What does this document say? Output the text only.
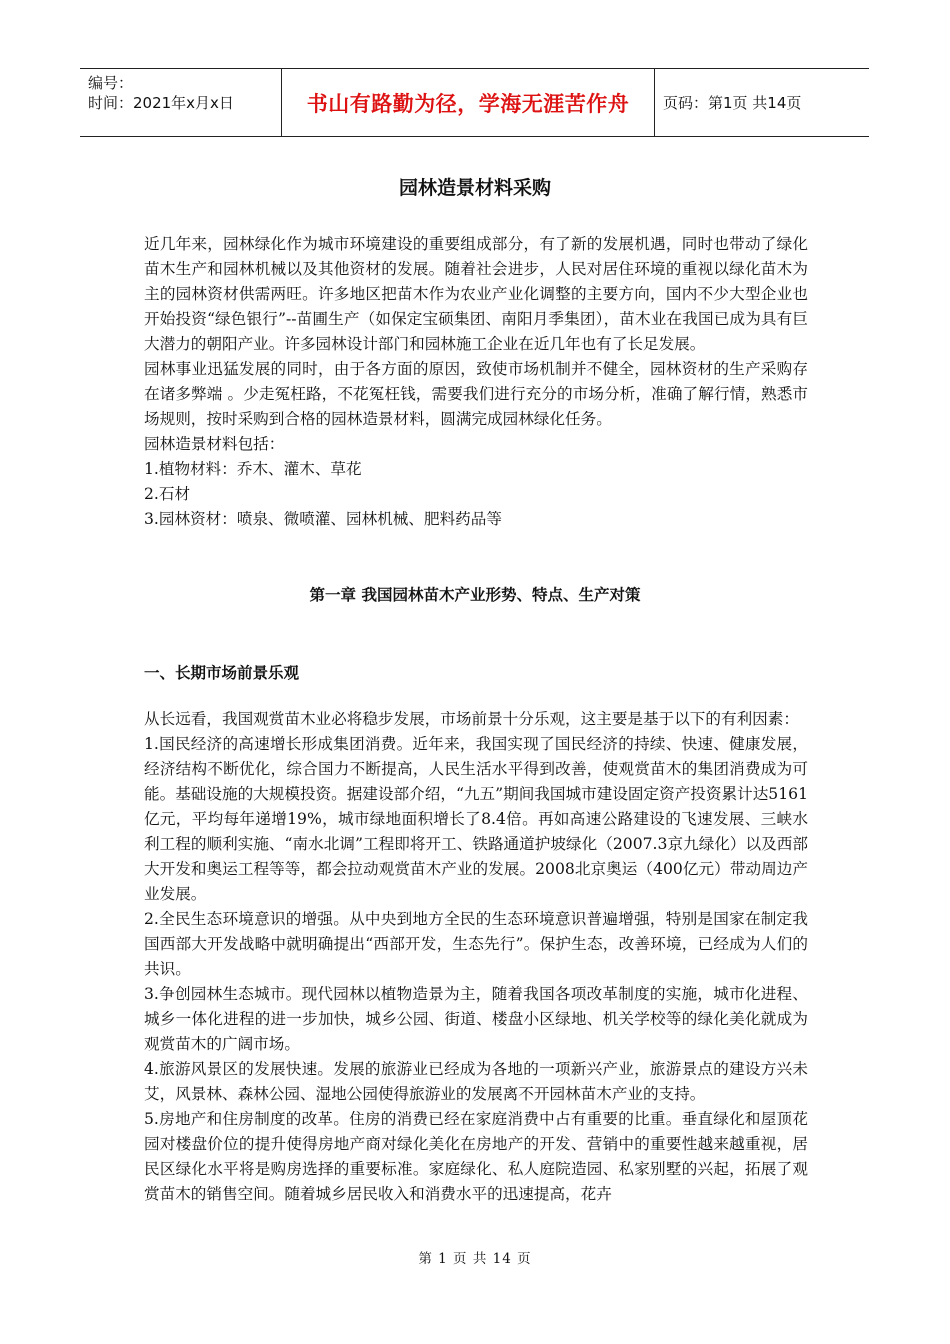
编号：
时间：2021年x月x日	书山有路勤为径，学海无涯苦作舟	页码：第1页 共14页
园林造景材料采购

近几年来，园林绿化作为城市环境建设的重要组成部分，有了新的发展机遇，同时也带动了绿化苗木生产和园林机械以及其他资材的发展。随着社会进步，人民对居住环境的重视以绿化苗木为主的园林资材供需两旺。许多地区把苗木作为农业产业化调整的主要方向，国内不少大型企业也开始投资“绿色银行”--苗圃生产（如保定宝硕集团、南阳月季集团），苗木业在我国已成为具有巨大潜力的朝阳产业。许多园林设计部门和园林施工企业在近几年也有了长足发展。

园林事业迅猛发展的同时，由于各方面的原因，致使市场机制并不健全，园林资材的生产采购存在诸多弊端 。少走冤枉路，不花冤枉钱，需要我们进行充分的市场分析，准确了解行情，熟悉市场规则，按时采购到合格的园林造景材料，圆满完成园林绿化任务。

园林造景材料包括：

1.植物材料：乔木、灌木、草花

2.石材

3.园林资材：喷泉、微喷灌、园林机械、肥料药品等

第一章 我国园林苗木产业形势、特点、生产对策
一、长期市场前景乐观

从长远看，我国观赏苗木业必将稳步发展，市场前景十分乐观，这主要是基于以下的有利因素：

1.国民经济的高速增长形成集团消费。近年来，我国实现了国民经济的持续、快速、健康发展，经济结构不断优化，综合国力不断提高，人民生活水平得到改善，使观赏苗木的集团消费成为可能。基础设施的大规模投资。据建设部介绍，“九五”期间我国城市建设固定资产投资累计达5161亿元，平均每年递增19%，城市绿地面积增长了8.4倍。再如高速公路建设的飞速发展、三峡水利工程的顺利实施、“南水北调”工程即将开工、铁路通道护坡绿化（2007.3京九绿化）以及西部大开发和奥运工程等等，都会拉动观赏苗木产业的发展。2008北京奥运（400亿元）带动周边产业发展。

2.全民生态环境意识的增强。从中央到地方全民的生态环境意识普遍增强，特别是国家在制定我国西部大开发战略中就明确提出“西部开发，生态先行”。保护生态，改善环境，已经成为人们的共识。

3.争创园林生态城市。现代园林以植物造景为主，随着我国各项改革制度的实施，城市化进程、城乡一体化进程的进一步加快，城乡公园、街道、楼盘小区绿地、机关学校等的绿化美化就成为观赏苗木的广阔市场。

4.旅游风景区的发展快速。发展的旅游业已经成为各地的一项新兴产业，旅游景点的建设方兴未艾，风景林、森林公园、湿地公园使得旅游业的发展离不开园林苗木产业的支持。

5.房地产和住房制度的改革。住房的消费已经在家庭消费中占有重要的比重。垂直绿化和屋顶花园对楼盘价位的提升使得房地产商对绿化美化在房地产的开发、营销中的重要性越来越重视，居民区绿化水平将是购房选择的重要标准。家庭绿化、私人庭院造园、私家别墅的兴起，拓展了观赏苗木的销售空间。随着城乡居民收入和消费水平的迅速提高，花卉

第 1 页 共 14 页
